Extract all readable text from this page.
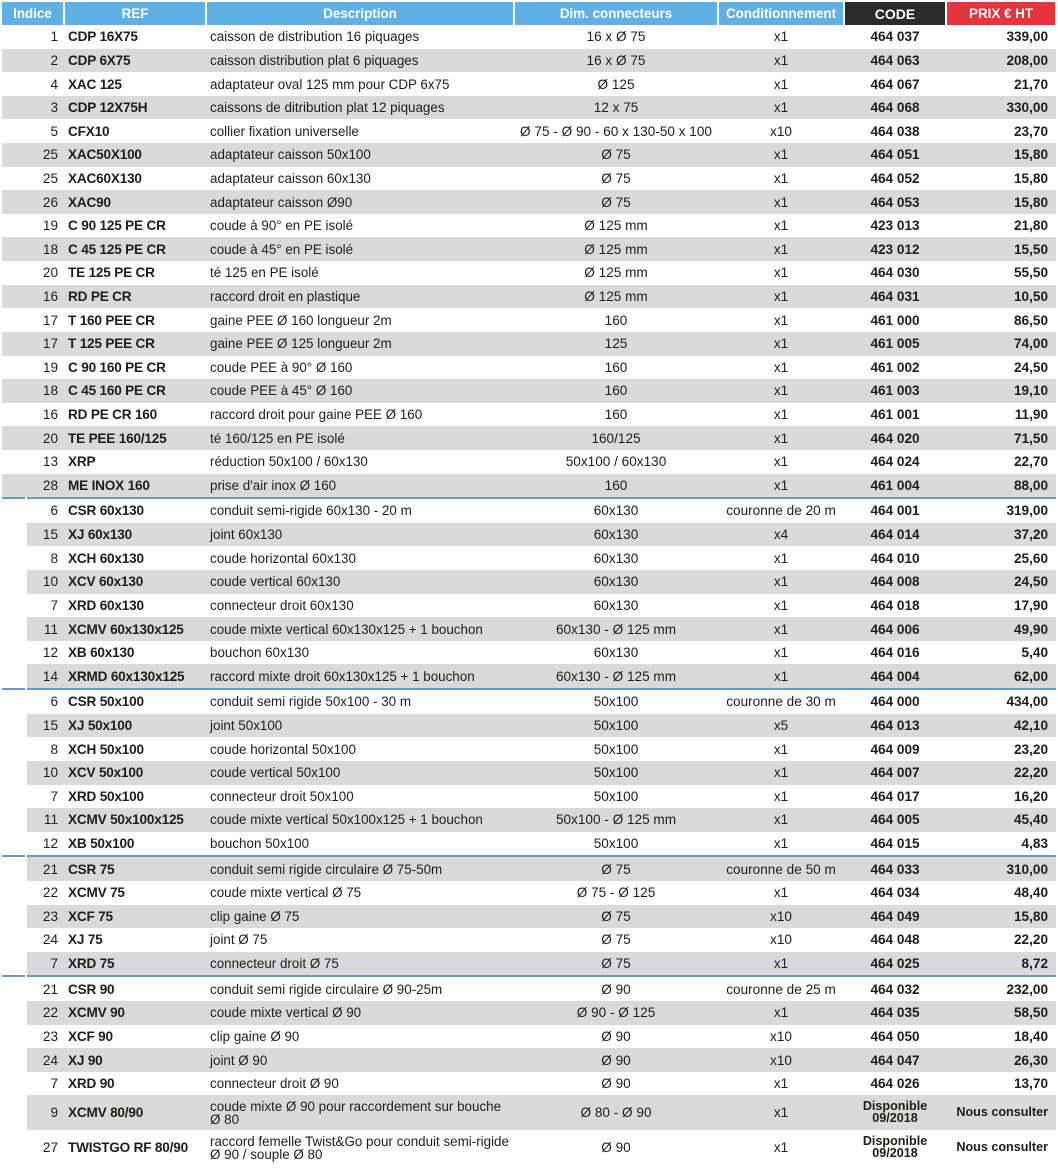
Indice		REF	Description	Dim. connecteurs	Conditionnement	CODE	PRIX € HT
1		CDP 16X75	caisson de distribution 16 piquages	16 x Ø 75	x1	464 037	339,00
2		CDP 6X75	caisson distribution plat 6 piquages	16 x Ø 75	x1	464 063	208,00
4		XAC 125	adaptateur oval 125 mm pour CDP 6x75	Ø 125	x1	464 067	21,70
3		CDP 12X75H	caissons de ditribution plat 12 piquages	12 x 75	x1	464 068	330,00
5		CFX10	collier fixation universelle	Ø 75 - Ø 90 - 60 x 130-50 x 100	x10	464 038	23,70
25		XAC50X100	adaptateur caisson 50x100	Ø 75	x1	464 051	15,80
25		XAC60X130	adaptateur caisson 60x130	Ø 75	x1	464 052	15,80
26		XAC90	adaptateur caisson Ø90	Ø 75	x1	464 053	15,80
19		C 90 125 PE CR	coude à 90° en PE isolé	Ø 125 mm	x1	423 013	21,80
18		C 45 125 PE CR	coude à 45° en PE isolé	Ø 125 mm	x1	423 012	15,50
20		TE 125 PE CR	té 125 en PE isolé	Ø 125 mm	x1	464 030	55,50
16		RD PE CR	raccord droit en plastique	Ø 125 mm	x1	464 031	10,50
17		T 160 PEE CR	gaine PEE Ø 160 longueur 2m	160	x1	461 000	86,50
17		T 125 PEE CR	gaine PEE Ø 125 longueur 2m	125	x1	461 005	74,00
19		C 90 160 PE CR	coude PEE à 90° Ø 160	160	x1	461 002	24,50
18		C 45 160 PE CR	coude PEE à 45° Ø 160	160	x1	461 003	19,10
16		RD PE CR 160	raccord droit pour gaine PEE Ø 160	160	x1	461 001	11,90
20		TE PEE 160/125	té 160/125 en PE isolé	160/125	x1	464 020	71,50
13		XRP	réduction 50x100 / 60x130	50x100 / 60x130	x1	464 024	22,70
28		ME INOX 160	prise d'air inox Ø 160	160	x1	461 004	88,00
	6	CSR 60x130	conduit semi-rigide 60x130 - 20 m	60x130	couronne de 20 m	464 001	319,00
	15	XJ 60x130	joint 60x130	60x130	x4	464 014	37,20
	8	XCH 60x130	coude horizontal 60x130	60x130	x1	464 010	25,60
	10	XCV 60x130	coude vertical 60x130	60x130	x1	464 008	24,50
	7	XRD 60x130	connecteur droit 60x130	60x130	x1	464 018	17,90
	11	XCMV 60x130x125	coude mixte vertical 60x130x125 + 1 bouchon	60x130 - Ø 125 mm	x1	464 006	49,90
	12	XB 60x130	bouchon 60x130	60x130	x1	464 016	5,40
	14	XRMD 60x130x125	raccord mixte droit 60x130x125 + 1 bouchon	60x130 - Ø 125 mm	x1	464 004	62,00
	6	CSR 50x100	conduit semi rigide 50x100 - 30 m	50x100	couronne de 30 m	464 000	434,00
	15	XJ 50x100	joint 50x100	50x100	x5	464 013	42,10
	8	XCH 50x100	coude horizontal 50x100	50x100	x1	464 009	23,20
	10	XCV 50x100	coude vertical 50x100	50x100	x1	464 007	22,20
	7	XRD 50x100	connecteur droit 50x100	50x100	x1	464 017	16,20
	11	XCMV 50x100x125	coude mixte vertical 50x100x125 + 1 bouchon	50x100 - Ø 125 mm	x1	464 005	45,40
	12	XB 50x100	bouchon 50x100	50x100	x1	464 015	4,83
	21	CSR 75	conduit semi rigide circulaire Ø 75-50m	Ø 75	couronne de 50 m	464 033	310,00
	22	XCMV 75	coude mixte vertical Ø 75	Ø 75 - Ø 125	x1	464 034	48,40
	23	XCF 75	clip gaine Ø 75	Ø 75	x10	464 049	15,80
	24	XJ 75	joint Ø 75	Ø 75	x10	464 048	22,20
	7	XRD 75	connecteur droit Ø 75	Ø 75	x1	464 025	8,72
	21	CSR 90	conduit semi rigide circulaire Ø 90-25m	Ø 90	couronne de 25 m	464 032	232,00
	22	XCMV 90	coude mixte vertical Ø 90	Ø 90 - Ø 125	x1	464 035	58,50
	23	XCF 90	clip gaine Ø 90	Ø 90	x10	464 050	18,40
	24	XJ 90	joint Ø 90	Ø 90	x10	464 047	26,30
	7	XRD 90	connecteur droit Ø 90	Ø 90	x1	464 026	13,70
	9	XCMV 80/90	coude mixte Ø 90 pour raccordement sur bouche Ø 80	Ø 80 - Ø 90	x1	Disponible 09/2018	Nous consulter
	27	TWISTGO RF 80/90	raccord femelle Twist&Go pour conduit semi-rigide Ø 90 / souple Ø 80	Ø 90	x1	Disponible 09/2018	Nous consulter
